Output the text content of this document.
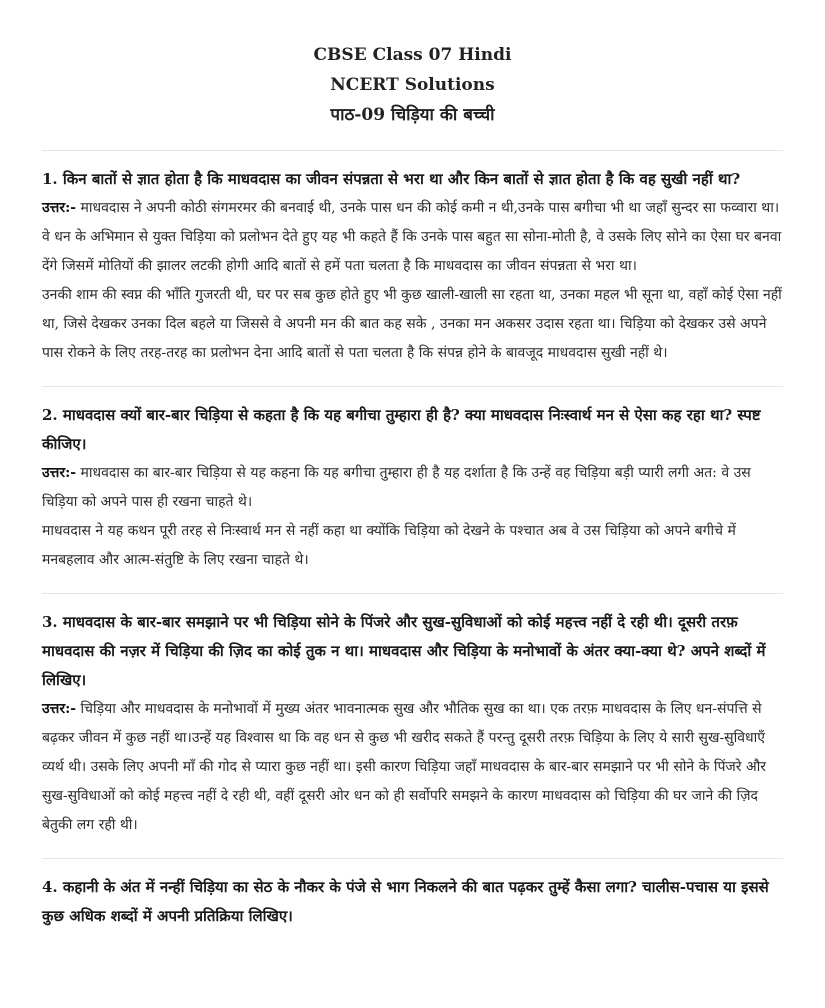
CBSE Class 07 Hindi
NCERT Solutions
पाठ-09 चिड़िया की बच्ची

1. किन बातों से ज्ञात होता है कि माधवदास का जीवन संपन्नता से भरा था और किन बातों से ज्ञात होता है कि वह सुखी नहीं था?

उत्तर:- माधवदास ने अपनी कोठी संगमरमर की बनवाई थी, उनके पास धन की कोई कमी न थी,उनके पास बगीचा भी था जहाँ सुन्दर सा फव्वारा था। वे धन के अभिमान से युक्त चिड़िया को प्रलोभन देते हुए यह भी कहते हैं कि उनके पास बहुत सा सोना-मोती है, वे उसके लिए सोने का ऐसा घर बनवा देंगे जिसमें मोतियों की झालर लटकी होगी आदि बातों से हमें पता चलता है कि माधवदास का जीवन संपन्नता से भरा था।

उनकी शाम की स्वप्न की भाँति गुजरती थी, घर पर सब कुछ होते हुए भी कुछ खाली-खाली सा रहता था, उनका महल भी सूना था, वहाँ कोई ऐसा नहीं था, जिसे देखकर उनका दिल बहले या जिससे वे अपनी मन की बात कह सके , उनका मन अकसर उदास रहता था। चिड़िया को देखकर उसे अपने पास रोकने के लिए तरह-तरह का प्रलोभन देना आदि बातों से पता चलता है कि संपन्न होने के बावजूद माधवदास सुखी नहीं थे।

2. माधवदास क्यों बार-बार चिड़िया से कहता है कि यह बगीचा तुम्हारा ही है? क्या माधवदास निःस्वार्थ मन से ऐसा कह रहा था? स्पष्ट कीजिए।

उत्तर:- माधवदास का बार-बार चिड़िया से यह कहना कि यह बगीचा तुम्हारा ही है यह दर्शाता है कि उन्हें वह चिड़िया बड़ी प्यारी लगी अत: वे उस चिड़िया को अपने पास ही रखना चाहते थे।

माधवदास ने यह कथन पूरी तरह से निःस्वार्थ मन से नहीं कहा था क्योंकि चिड़िया को देखने के पश्चात अब वे उस चिड़िया को अपने बगीचे में मनबहलाव और आत्म-संतुष्टि के लिए रखना चाहते थे।

3. माधवदास के बार-बार समझाने पर भी चिड़िया सोने के पिंजरे और सुख-सुविधाओं को कोई महत्त्व नहीं दे रही थी। दूसरी तरफ़ माधवदास की नज़र में चिड़िया की ज़िद का कोई तुक न था। माधवदास और चिड़िया के मनोभावों के अंतर क्या-क्या थे? अपने शब्दों में लिखिए।

उत्तर:- चिड़िया और माधवदास के मनोभावों में मुख्य अंतर भावनात्मक सुख और भौतिक सुख का था। एक तरफ़ माधवदास के लिए धन-संपत्ति से बढ़कर जीवन में कुछ नहीं था।उन्हें यह विश्वास था कि वह धन से कुछ भी खरीद सकते हैं परन्तु दूसरी तरफ़ चिड़िया के लिए ये सारी सुख-सुविधाएँ व्यर्थ थी। उसके लिए अपनी माँ की गोद से प्यारा कुछ नहीं था। इसी कारण चिड़िया जहाँ माधवदास के बार-बार समझाने पर भी सोने के पिंजरे और सुख-सुविधाओं को कोई महत्त्व नहीं दे रही थी, वहीं दूसरी ओर धन को ही सर्वोपरि समझने के कारण माधवदास को चिड़िया की घर जाने की ज़िद बेतुकी लग रही थी।

4. कहानी के अंत में नन्हीं चिड़िया का सेठ के नौकर के पंजे से भाग निकलने की बात पढ़कर तुम्हें कैसा लगा? चालीस-पचास या इससे कुछ अधिक शब्दों में अपनी प्रतिक्रिया लिखिए।
